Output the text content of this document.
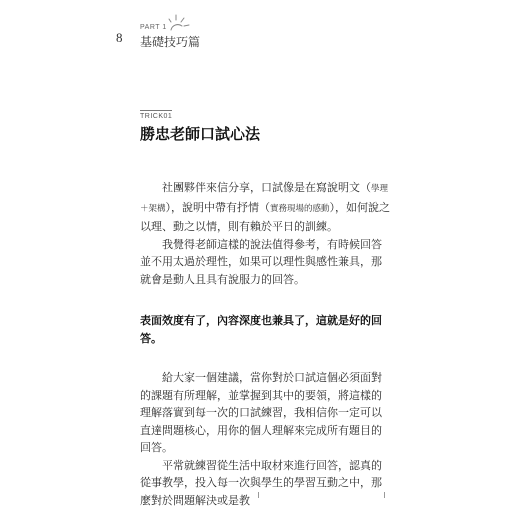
8
PART 1
基礎技巧篇
TRICK01
勝忠老師口試心法

社團夥伴來信分享，口試像是在寫說明文（學理＋架構），說明中帶有抒情（實務現場的感動），如何說之以理、動之以情，則有賴於平日的訓練。

我覺得老師這樣的說法值得參考，有時候回答並不用太過於理性，如果可以理性與感性兼具，那就會是動人且具有說服力的回答。

表面效度有了，內容深度也兼具了，這就是好的回答。

給大家一個建議，當你對於口試這個必須面對的課題有所理解，並掌握到其中的要領，將這樣的理解落實到每一次的口試練習，我相信你一定可以直達問題核心，用你的個人理解來完成所有題目的回答。

平常就練習從生活中取材來進行回答，認真的從事教學，投入每一次與學生的學習互動之中，那麼對於問題解決或是教
